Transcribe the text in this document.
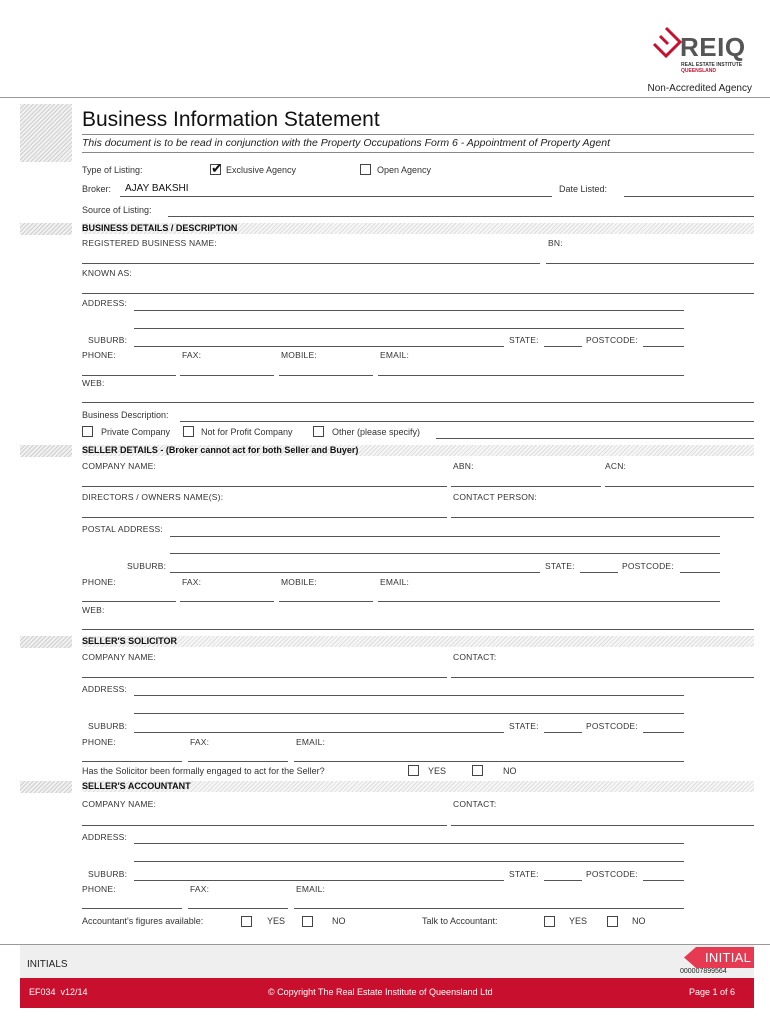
REIQ
REAL ESTATE INSTITUTE
QUEENSLAND
Non-Accredited Agency
Business Information Statement
This document is to be read in conjunction with the Property Occupations Form 6 - Appointment of Property Agent
Type of Listing:
✔	Exclusive Agency	Open Agency
Broker: AJAY BAKSHI	Date Listed:
Source of Listing:
BUSINESS DETAILS / DESCRIPTION
REGISTERED BUSINESS NAME:	BN:
KNOWN AS:
ADDRESS:
SUBURB:	STATE:	POSTCODE:
PHONE:	FAX:	MOBILE:	EMAIL:
WEB:
Business Description:
Private Company	Not for Profit Company	Other (please specify)
SELLER DETAILS - (Broker cannot act for both Seller and Buyer)
COMPANY NAME:	ABN:	ACN:
DIRECTORS / OWNERS NAME(S):	CONTACT PERSON:
POSTAL ADDRESS:
SUBURB:	STATE:	POSTCODE:
PHONE:	FAX:	MOBILE:	EMAIL:
WEB:
SELLER'S SOLICITOR
COMPANY NAME:	CONTACT:
ADDRESS:
SUBURB:	STATE:	POSTCODE:
PHONE:	FAX:	EMAIL:
Has the Solicitor been formally engaged to act for the Seller?	YES	NO
SELLER'S ACCOUNTANT
COMPANY NAME:	CONTACT:
ADDRESS:
SUBURB:	STATE:	POSTCODE:
PHONE:	FAX:	EMAIL:
Accountant's figures available:	YES	NO	Talk to Accountant:	YES	NO
INITIALS	INITIAL
000007899564
EF034  v12/14	© Copyright The Real Estate Institute of Queensland Ltd	Page 1 of 6
